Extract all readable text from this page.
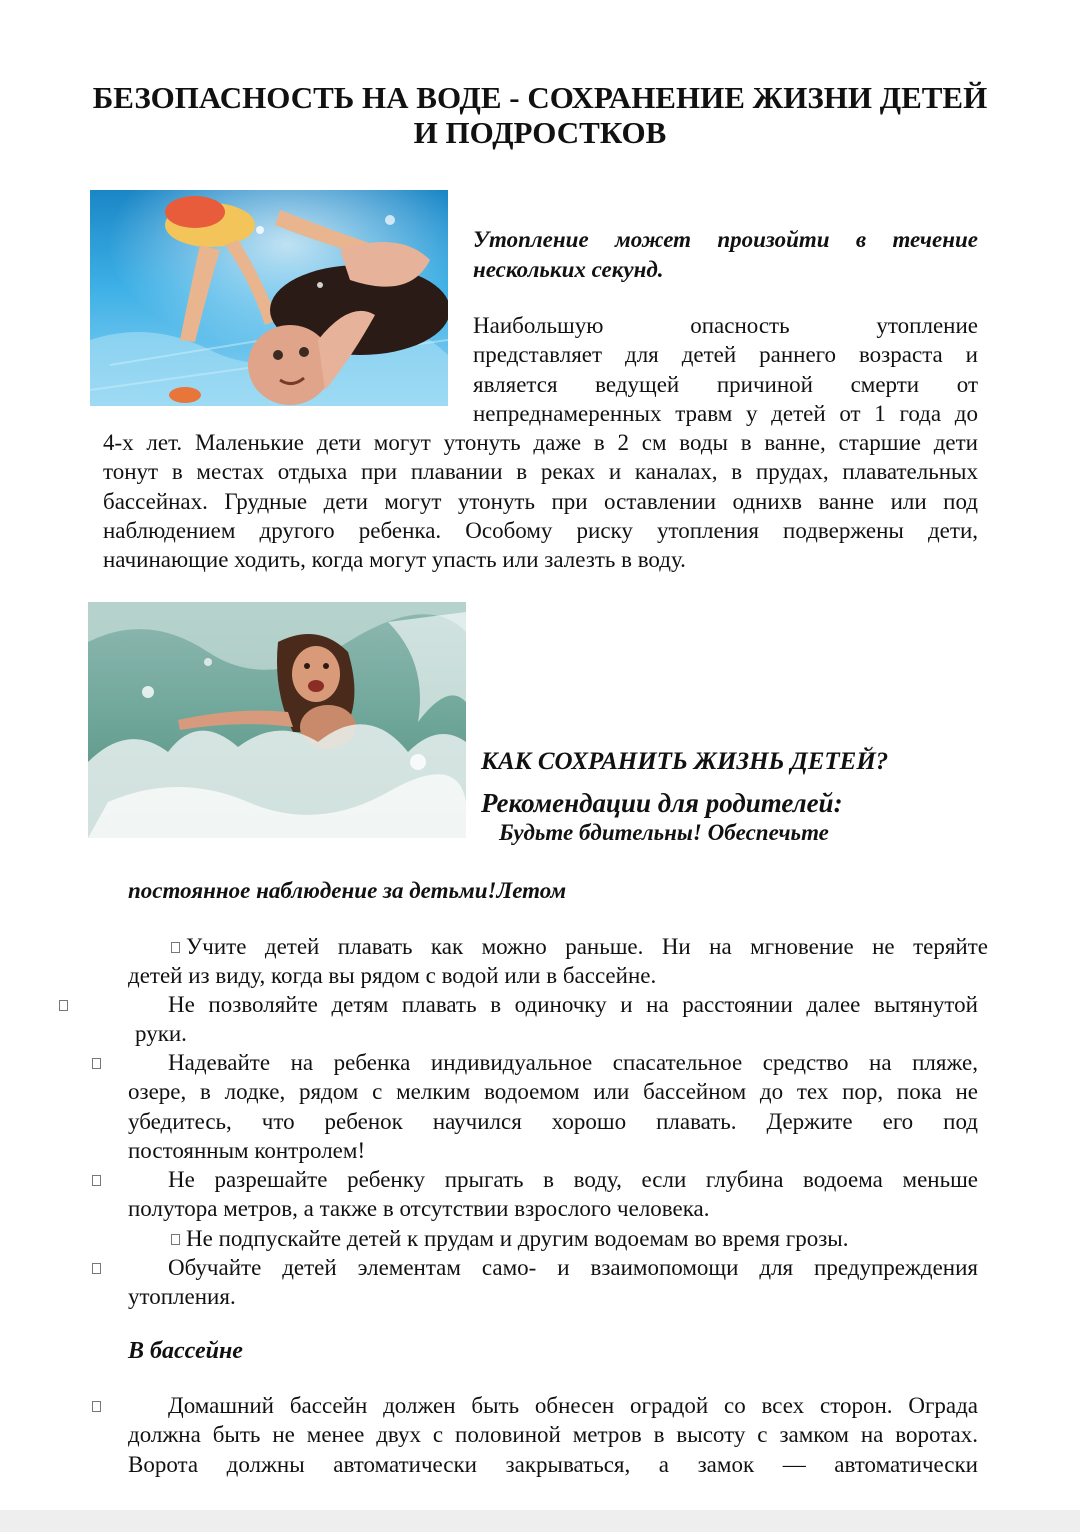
БЕЗОПАСНОСТЬ НА ВОДЕ - СОХРАНЕНИЕ ЖИЗНИ ДЕТЕЙ
И ПОДРОСТКОВ

Утопление может произойти в течение

нескольких секунд.

Наибольшую опасность утопление
представляет для детей раннего возраста и
является ведущей причиной смерти от
непреднамеренных травм у детей от 1 года до
4-х лет. Маленькие дети могут утонуть даже в 2 см воды в ванне, старшие дети
тонут в местах отдыха при плавании в реках и каналах, в прудах, плавательных
бассейнах. Грудные дети могут утонуть при оставлении однихв ванне или под
наблюдением другого ребенка. Особому риску утопления подвержены дети,
начинающие ходить, когда могут упасть или залезть в воду.

КАК СОХРАНИТЬ ЖИЗНЬ ДЕТЕЙ?

Рекомендации для родителей:

Будьте бдительны! Обеспечьте

постоянное наблюдение за детьми!Летом

Учите детей плавать как можно раньше. Ни на мгновение не теряйте
детей из виду, когда вы рядом с водой или в бассейне.
Не позволяйте детям плавать в одиночку и на расстоянии далее вытянутой
руки.
Надевайте на ребенка индивидуальное спасательное средство на пляже,
озере, в лодке, рядом с мелким водоемом или бассейном до тех пор, пока не
убедитесь, что ребенок научился хорошо плавать. Держите его под
постоянным контролем!
Не разрешайте ребенку прыгать в воду, если глубина водоема меньше
полутора метров, а также в отсутствии взрослого человека.
Не подпускайте детей к прудам и другим водоемам во время грозы.
Обучайте детей элементам само- и взаимопомощи для предупреждения
утопления.

В бассейне

Домашний бассейн должен быть обнесен оградой со всех сторон. Ограда
должна быть не менее двух с половиной метров в высоту с замком на воротах.
Ворота должны автоматически закрываться, а замок — автоматически
